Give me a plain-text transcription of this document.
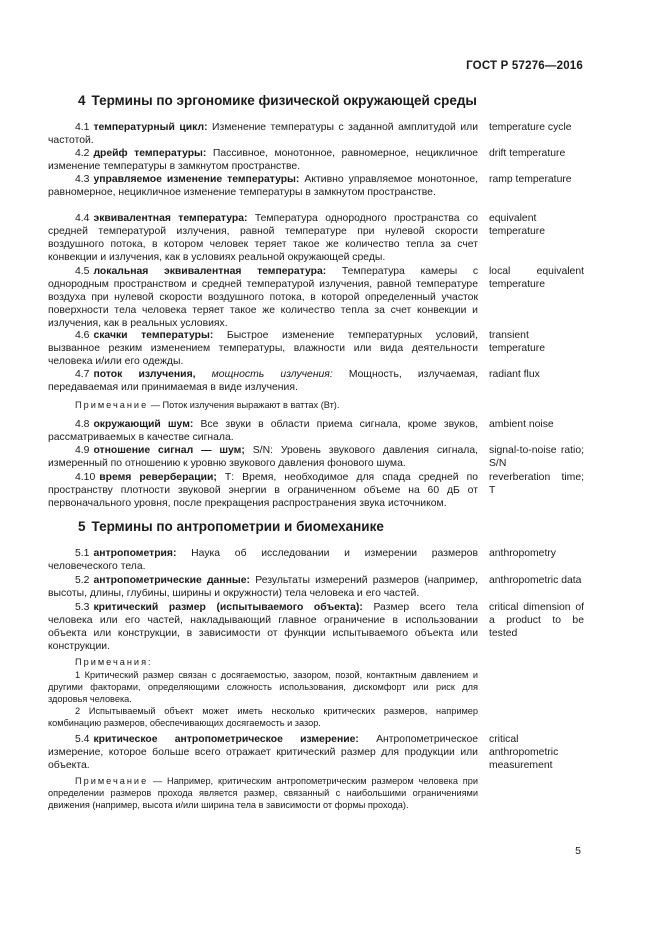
ГОСТ Р 57276—2016
4 Термины по эргономике физической окружающей среды
4.1 температурный цикл: Изменение температуры с заданной амплитудой или частотой.
temperature cycle
4.2 дрейф температуры: Пассивное, монотонное, равномерное, нецикличное изменение температуры в замкнутом пространстве.
drift temperature
4.3 управляемое изменение температуры: Активно управляемое монотонное, равномерное, нецикличное изменение температуры в замкнутом пространстве.
ramp temperature
4.4 эквивалентная температура: Температура однородного пространства со средней температурой излучения, равной температуре при нулевой скорости воздушного потока, в котором человек теряет такое же количество тепла за счет конвекции и излучения, как в условиях реальной окружающей среды.
equivalent temperature
4.5 локальная эквивалентная температура: Температура камеры с однородным пространством и средней температурой излучения, равной температуре воздуха при нулевой скорости воздушного потока, в которой определенный участок поверхности тела человека теряет такое же количество тепла за счет конвекции и излучения, как в реальных условиях.
local equivalent temperature
4.6 скачки температуры: Быстрое изменение температурных условий, вызванное резким изменением температуры, влажности или вида деятельности человека и/или его одежды.
transient temperature
4.7 поток излучения, мощность излучения: Мощность, излучаемая, передаваемая или принимаемая в виде излучения.
radiant flux
Примечание — Поток излучения выражают в ваттах (Вт).
4.8 окружающий шум: Все звуки в области приема сигнала, кроме звуков, рассматриваемых в качестве сигнала.
ambient noise
4.9 отношение сигнал — шум; S/N: Уровень звукового давления сигнала, измеренный по отношению к уровню звукового давления фонового шума.
signal-to-noise ratio; S/N
4.10 время реверберации; Т: Время, необходимое для спада средней по пространству плотности звуковой энергии в ограниченном объеме на 60 дБ от первоначального уровня, после прекращения распространения звука источником.
reverberation time; T
5 Термины по антропометрии и биомеханике
5.1 антропометрия: Наука об исследовании и измерении размеров человеческого тела.
anthropometry
5.2 антропометрические данные: Результаты измерений размеров (например, высоты, длины, глубины, ширины и окружности) тела человека и его частей.
anthropometric data
5.3 критический размер (испытываемого объекта): Размер всего тела человека или его частей, накладывающий главное ограничение в использовании объекта или конструкции, в зависимости от функции испытываемого объекта или конструкции.
critical dimension of a product to be tested
Примечания:
1 Критический размер связан с досягаемостью, зазором, позой, контактным давлением и другими факторами, определяющими сложность использования, дискомфорт или риск для здоровья человека.
2 Испытываемый объект может иметь несколько критических размеров, например комбинацию размеров, обеспечивающих досягаемость и зазор.
5.4 критическое антропометрическое измерение: Антропометрическое измерение, которое больше всего отражает критический размер для продукции или объекта.
critical anthropometric measurement
Примечание — Например, критическим антропометрическим размером человека при определении размеров прохода является размер, связанный с наибольшими ограничениями движения (например, высота и/или ширина тела в зависимости от формы прохода).
5
